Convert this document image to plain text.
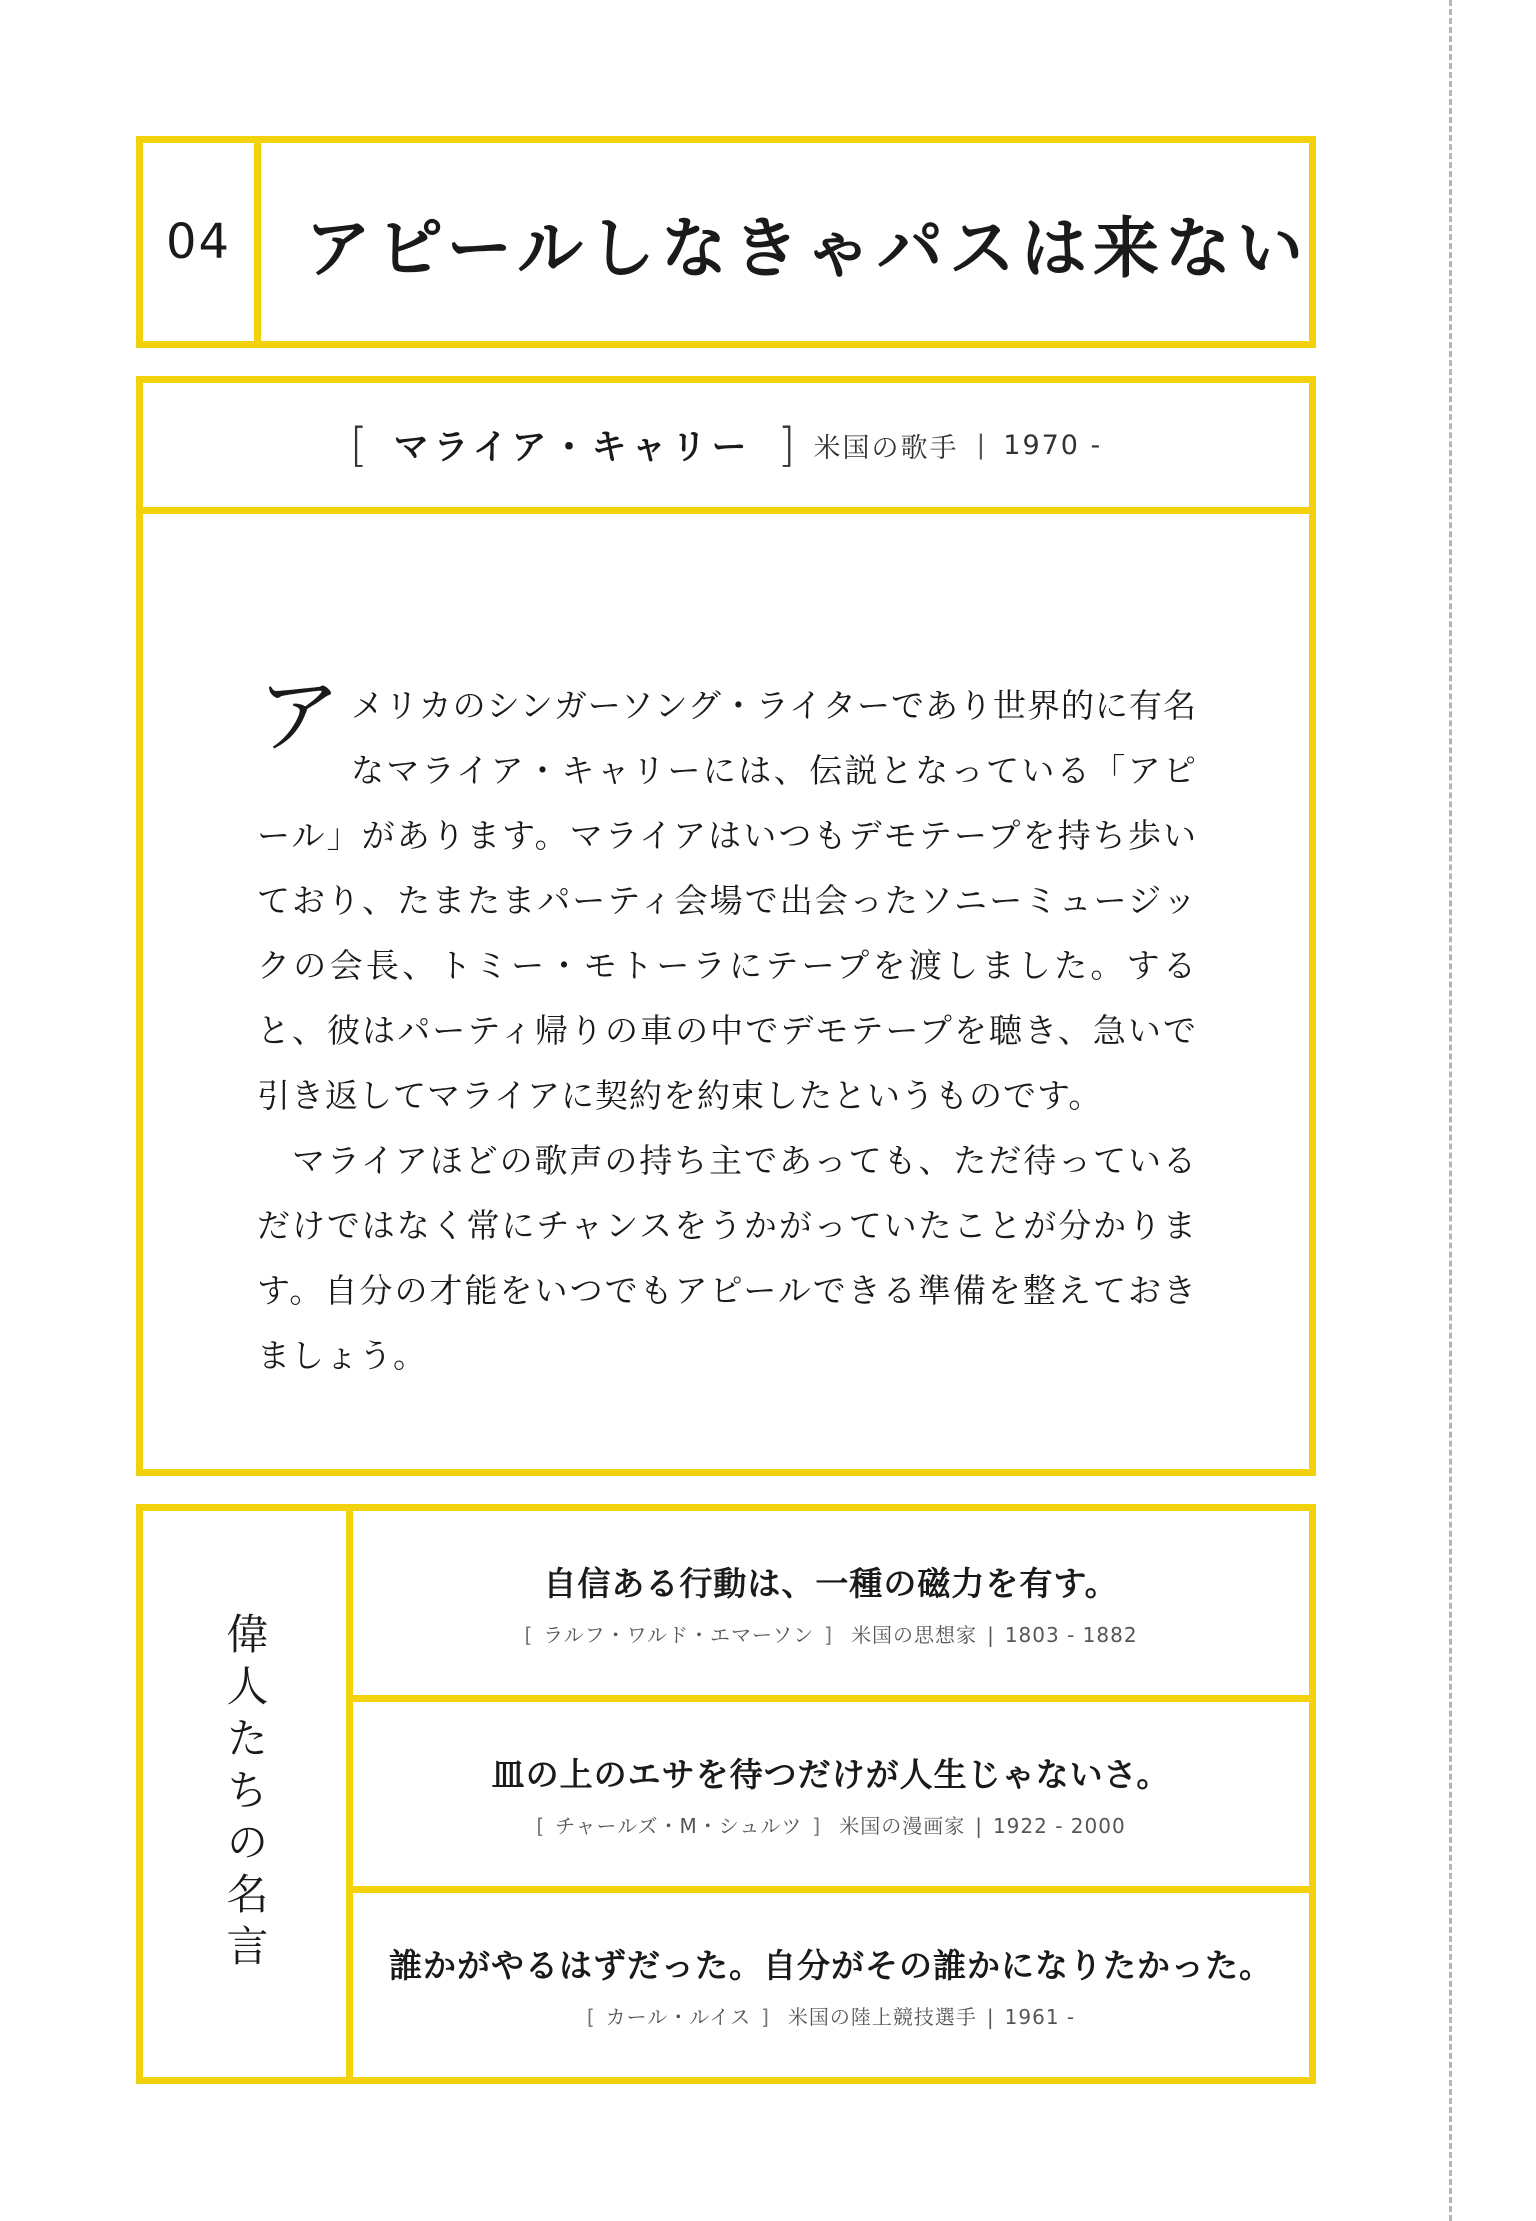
04	アピールしなきゃパスは来ない
[ マライア・キャリー ] 米国の歌手 | 1970 -

アメリカのシンガーソング・ライターであり世界的に有名なマライア・キャリーには、伝説となっている「アピール」があります。マライアはいつもデモテープを持ち歩いており、たまたまパーティ会場で出会ったソニーミュージックの会長、トミー・モトーラにテープを渡しました。すると、彼はパーティ帰りの車の中でデモテープを聴き、急いで引き返してマライアに契約を約束したというものです。

　マライアほどの歌声の持ち主であっても、ただ待っているだけではなく常にチャンスをうかがっていたことが分かります。自分の才能をいつでもアピールできる準備を整えておきましょう。

偉人たちの名言
自信ある行動は、一種の磁力を有す。
[ ラルフ・ワルド・エマーソン ] 米国の思想家 | 1803 - 1882
皿の上のエサを待つだけが人生じゃないさ。
[ チャールズ・M・シュルツ ] 米国の漫画家 | 1922 - 2000
誰かがやるはずだった。自分がその誰かになりたかった。
[ カール・ルイス ] 米国の陸上競技選手 | 1961 -
